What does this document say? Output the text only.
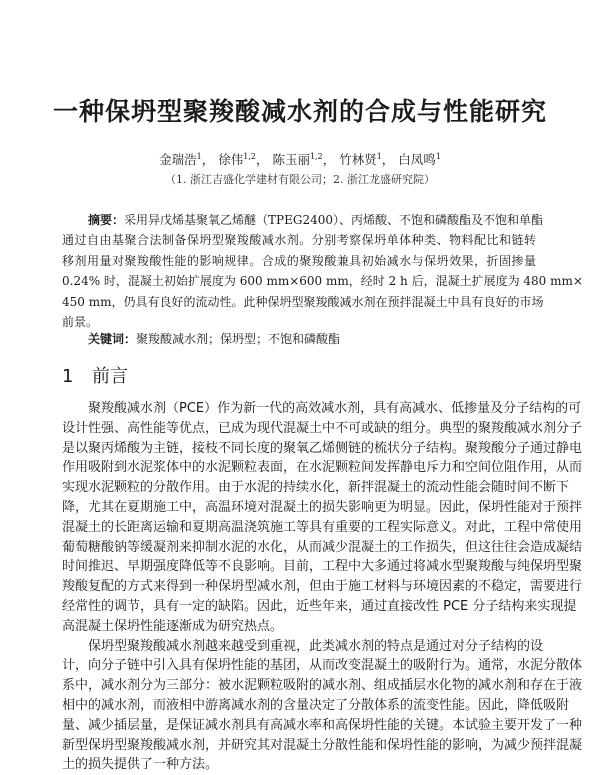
一种保坍型聚羧酸减水剂的合成与性能研究
金瑞浩$^1$， 徐伟$^{1,2}$， 陈玉丽$^{1,2}$， 竹林贤$^1$， 白凤鸣$^1$
（1. 浙江吉盛化学建材有限公司；2. 浙江龙盛研究院）
摘要：采用异戊烯基聚氧乙烯醚（TPEG2400）、丙烯酸、不饱和磷酸酯及不饱和单酯
通过自由基聚合法制备保坍型聚羧酸减水剂。分别考察保坍单体种类、物料配比和链转
移剂用量对聚羧酸性能的影响规律。合成的聚羧酸兼具初始减水与保坍效果，折固掺量
0.24% 时，混凝土初始扩展度为 600 mm×600 mm，经时 2 h 后，混凝土扩展度为 480 mm×
450 mm，仍具有良好的流动性。此种保坍型聚羧酸减水剂在预拌混凝土中具有良好的市场
前景。
关键词：聚羧酸减水剂；保坍型；不饱和磷酸酯
1 前言
聚羧酸减水剂（PCE）作为新一代的高效减水剂，具有高减水、低掺量及分子结构的可
设计性强、高性能等优点，已成为现代混凝土中不可或缺的组分。典型的聚羧酸减水剂分子
是以聚丙烯酸为主链，接枝不同长度的聚氧乙烯侧链的梳状分子结构。聚羧酸分子通过静电
作用吸附到水泥浆体中的水泥颗粒表面，在水泥颗粒间发挥静电斥力和空间位阻作用，从而
实现水泥颗粒的分散作用。由于水泥的持续水化，新拌混凝土的流动性能会随时间不断下
降，尤其在夏期施工中，高温环境对混凝土的损失影响更为明显。因此，保坍性能对于预拌
混凝土的长距离运输和夏期高温浇筑施工等具有重要的工程实际意义。对此，工程中常使用
葡萄糖酸钠等缓凝剂来抑制水泥的水化，从而减少混凝土的工作损失，但这往往会造成凝结
时间推迟、早期强度降低等不良影响。目前，工程中大多通过将减水型聚羧酸与纯保坍型聚
羧酸复配的方式来得到一种保坍型减水剂，但由于施工材料与环境因素的不稳定，需要进行
经常性的调节，具有一定的缺陷。因此，近些年来，通过直接改性 PCE 分子结构来实现提
高混凝土保坍性能逐渐成为研究热点。
保坍型聚羧酸减水剂越来越受到重视，此类减水剂的特点是通过对分子结构的设
计，向分子链中引入具有保坍性能的基团，从而改变混凝土的吸附行为。通常，水泥分散体
系中，减水剂分为三部分：被水泥颗粒吸附的减水剂、组成插层水化物的减水剂和存在于液
相中的减水剂，而液相中游离减水剂的含量决定了分散体系的流变性能。因此，降低吸附
量、减少插层量，是保证减水剂具有高减水率和高保坍性能的关键。本试验主要开发了一种
新型保坍型聚羧酸减水剂，并研究其对混凝土分散性能和保坍性能的影响，为减少预拌混凝
土的损失提供了一种方法。
